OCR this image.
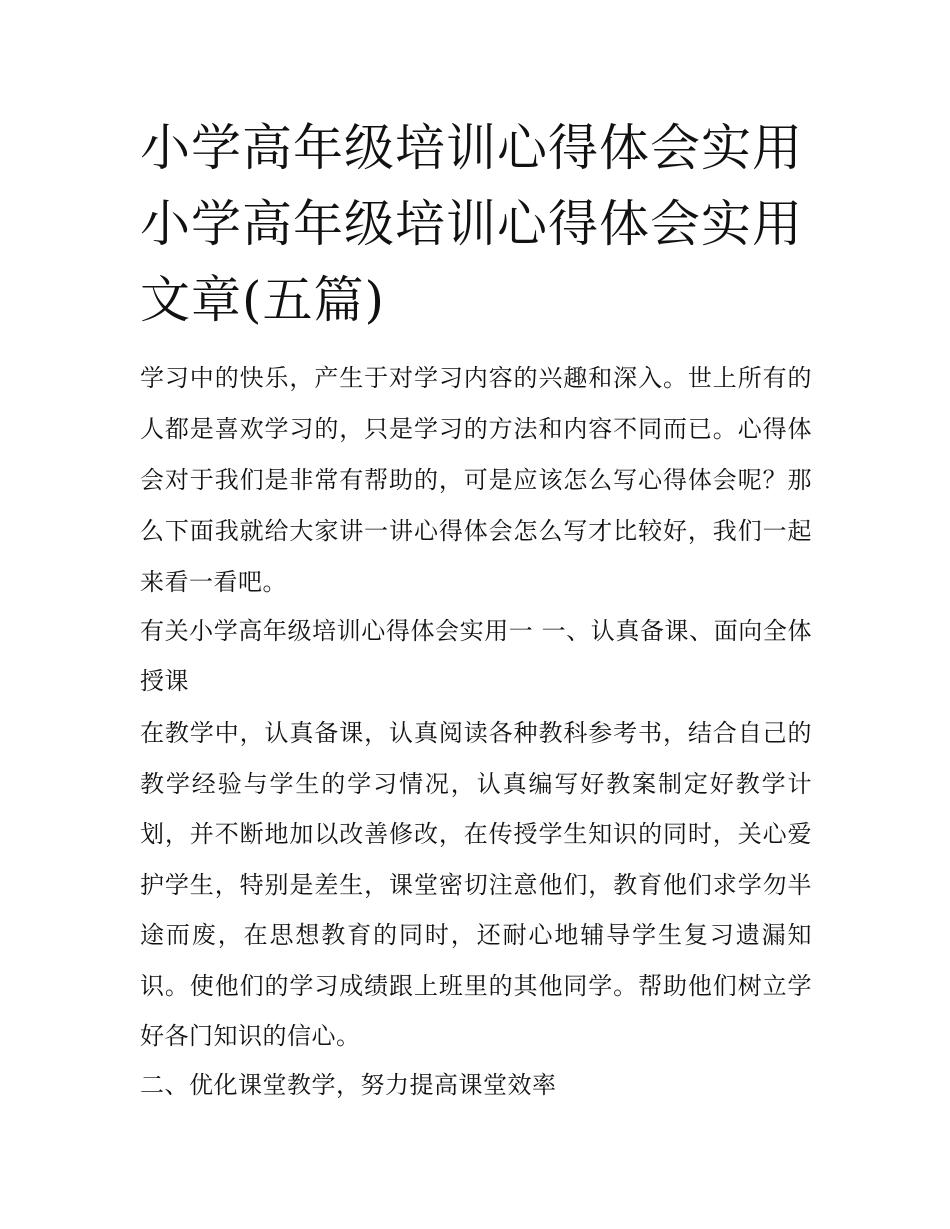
小学高年级培训心得体会实用小学高年级培训心得体会实用文章(五篇)

学习中的快乐，产生于对学习内容的兴趣和深入。世上所有的人都是喜欢学习的，只是学习的方法和内容不同而已。心得体会对于我们是非常有帮助的，可是应该怎么写心得体会呢？那么下面我就给大家讲一讲心得体会怎么写才比较好，我们一起来看一看吧。

有关小学高年级培训心得体会实用一 一、认真备课、面向全体授课

在教学中，认真备课，认真阅读各种教科参考书，结合自己的教学经验与学生的学习情况，认真编写好教案制定好教学计划，并不断地加以改善修改，在传授学生知识的同时，关心爱护学生，特别是差生，课堂密切注意他们，教育他们求学勿半途而废，在思想教育的同时，还耐心地辅导学生复习遗漏知识。使他们的学习成绩跟上班里的其他同学。帮助他们树立学好各门知识的信心。

二、优化课堂教学，努力提高课堂效率
